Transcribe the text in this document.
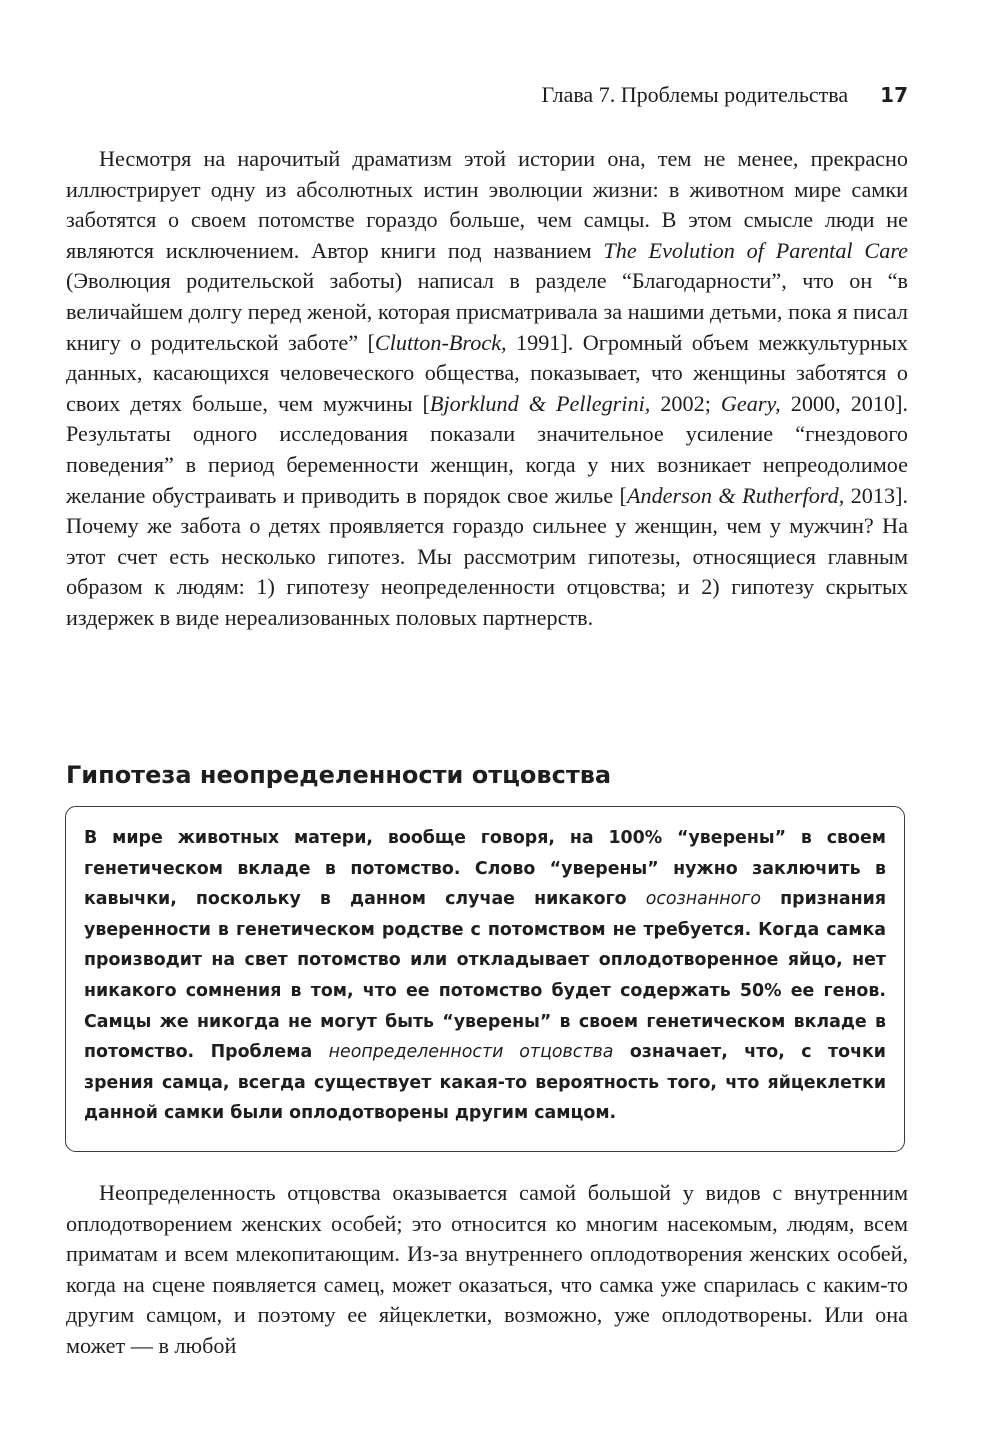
Глава 7. Проблемы родительства 17

Несмотря на нарочитый драматизм этой истории она, тем не менее, прекрасно иллюстрирует одну из абсолютных истин эволюции жизни: в животном мире самки заботятся о своем потомстве гораздо больше, чем самцы. В этом смысле люди не являются исключением. Автор книги под названием The Evolution of Parental Care (Эволюция родительской заботы) написал в разделе “Благодарности”, что он “в величайшем долгу перед женой, которая присматривала за нашими детьми, пока я писал книгу о родительской заботе” [Clutton-Brock, 1991]. Огромный объем межкультурных данных, касающихся человеческого общества, показывает, что женщины заботятся о своих детях больше, чем мужчины [Bjorklund & Pellegrini, 2002; Geary, 2000, 2010]. Результаты одного исследования показали значительное усиление “гнездового поведения” в период беременности женщин, когда у них возникает непреодолимое желание обустраивать и приводить в порядок свое жилье [Anderson & Rutherford, 2013]. Почему же забота о детях проявляется гораздо сильнее у женщин, чем у мужчин? На этот счет есть несколько гипотез. Мы рассмотрим гипотезы, относящиеся главным образом к людям: 1) гипотезу неопределенности отцовства; и 2) гипотезу скрытых издержек в виде нереализованных половых партнерств.

Гипотеза неопределенности отцовства

В мире животных матери, вообще говоря, на 100% “уверены” в своем генетическом вкладе в потомство. Слово “уверены” нужно заключить в кавычки, поскольку в данном случае никакого осознанного признания уверенности в генетическом родстве с потомством не требуется. Когда самка производит на свет потомство или откладывает оплодотворенное яйцо, нет никакого сомнения в том, что ее потомство будет содержать 50% ее генов. Самцы же никогда не могут быть “уверены” в своем генетическом вкладе в потомство. Проблема неопределенности отцовства означает, что, с точки зрения самца, всегда существует какая-то вероятность того, что яйцеклетки данной самки были оплодотворены другим самцом.

Неопределенность отцовства оказывается самой большой у видов с внутренним оплодотворением женских особей; это относится ко многим насекомым, людям, всем приматам и всем млекопитающим. Из-за внутреннего оплодотворения женских особей, когда на сцене появляется самец, может оказаться, что самка уже спарилась с каким-то другим самцом, и поэтому ее яйцеклетки, возможно, уже оплодотворены. Или она может — в любой
